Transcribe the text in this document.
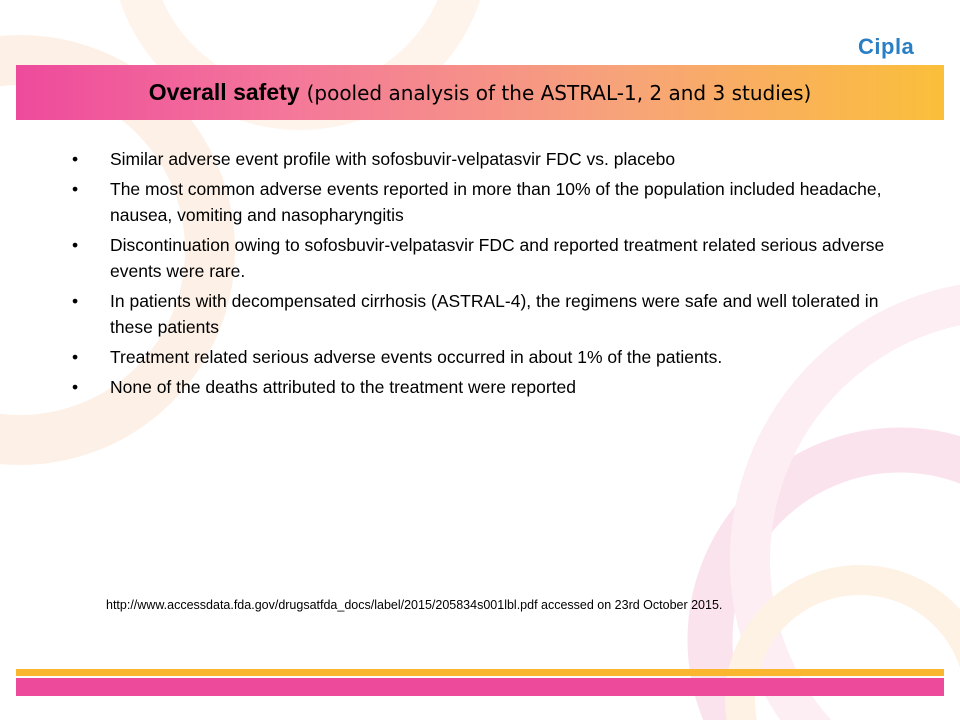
Cipla
Overall safety (pooled analysis of the ASTRAL-1, 2 and 3 studies)
• Similar adverse event profile with sofosbuvir-velpatasvir FDC vs. placebo
• The most common adverse events reported in more than 10% of the population included headache, nausea, vomiting and nasopharyngitis
• Discontinuation owing to sofosbuvir-velpatasvir FDC and reported treatment related serious adverse events were rare.
• In patients with decompensated cirrhosis (ASTRAL-4), the regimens were safe and well tolerated in these patients
• Treatment related serious adverse events occurred in about 1% of the patients.
• None of the deaths attributed to the treatment were reported
http://www.accessdata.fda.gov/drugsatfda_docs/label/2015/205834s001lbl.pdf accessed on 23rd October 2015.
